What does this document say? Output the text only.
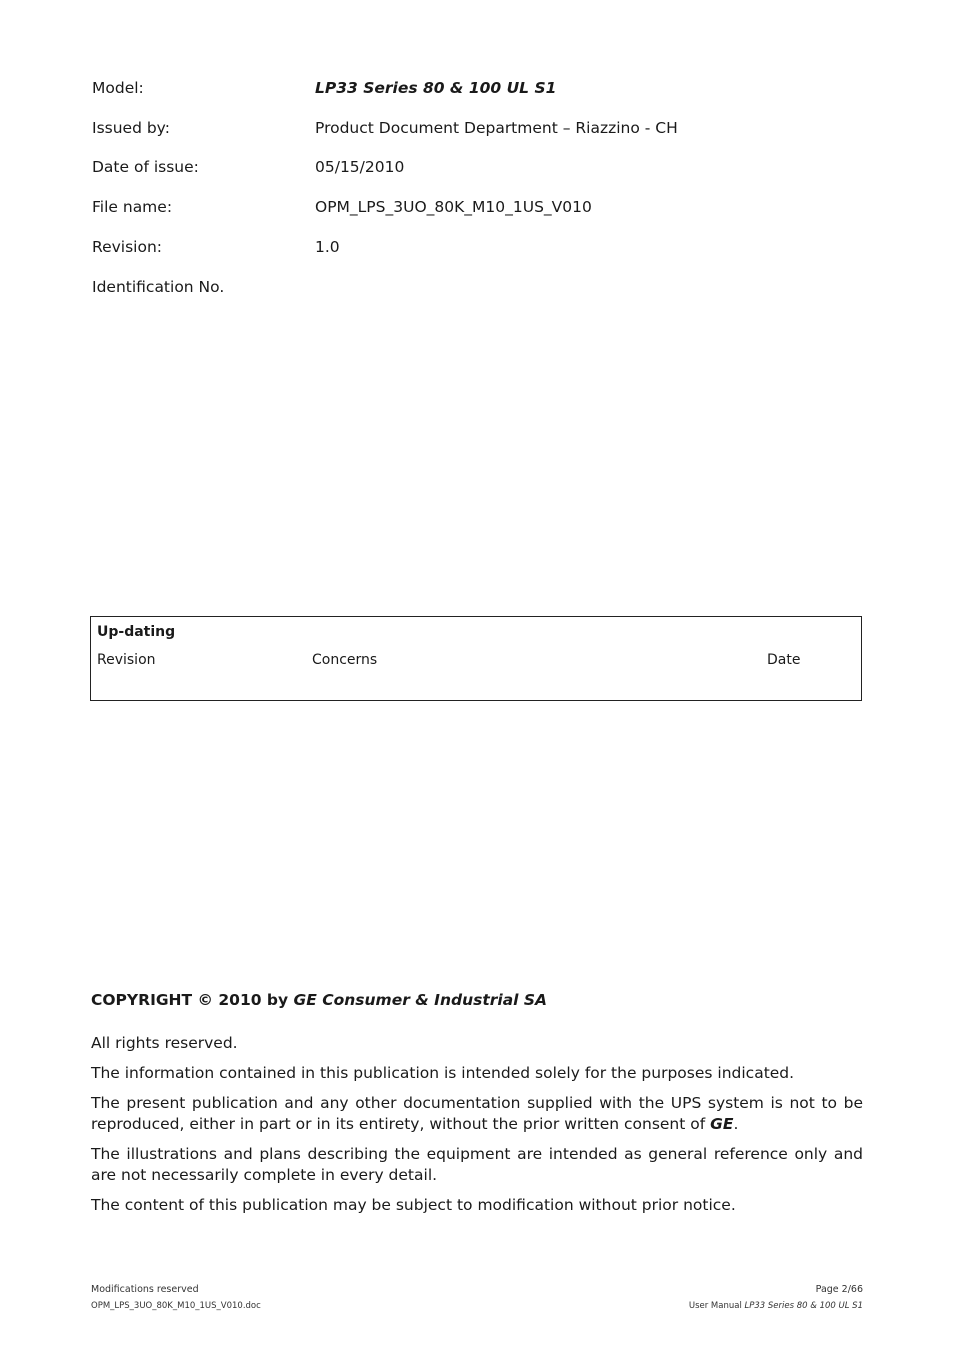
Model:	LP33 Series 80 & 100 UL S1
Issued by:	Product Document Department – Riazzino - CH
Date of issue:	05/15/2010
File name:	OPM_LPS_3UO_80K_M10_1US_V010
Revision:	1.0
Identification No.
Up-dating
Revision	Concerns	Date
COPYRIGHT © 2010 by GE Consumer & Industrial SA
All rights reserved.
The information contained in this publication is intended solely for the purposes indicated.
The present publication and any other documentation supplied with the UPS system is not to be reproduced, either in part or in its entirety, without the prior written consent of GE.
The illustrations and plans describing the equipment are intended as general reference only and are not necessarily complete in every detail.
The content of this publication may be subject to modification without prior notice.
Modifications reserved
OPM_LPS_3UO_80K_M10_1US_V010.doc
Page 2/66
User Manual LP33 Series 80 & 100 UL S1
